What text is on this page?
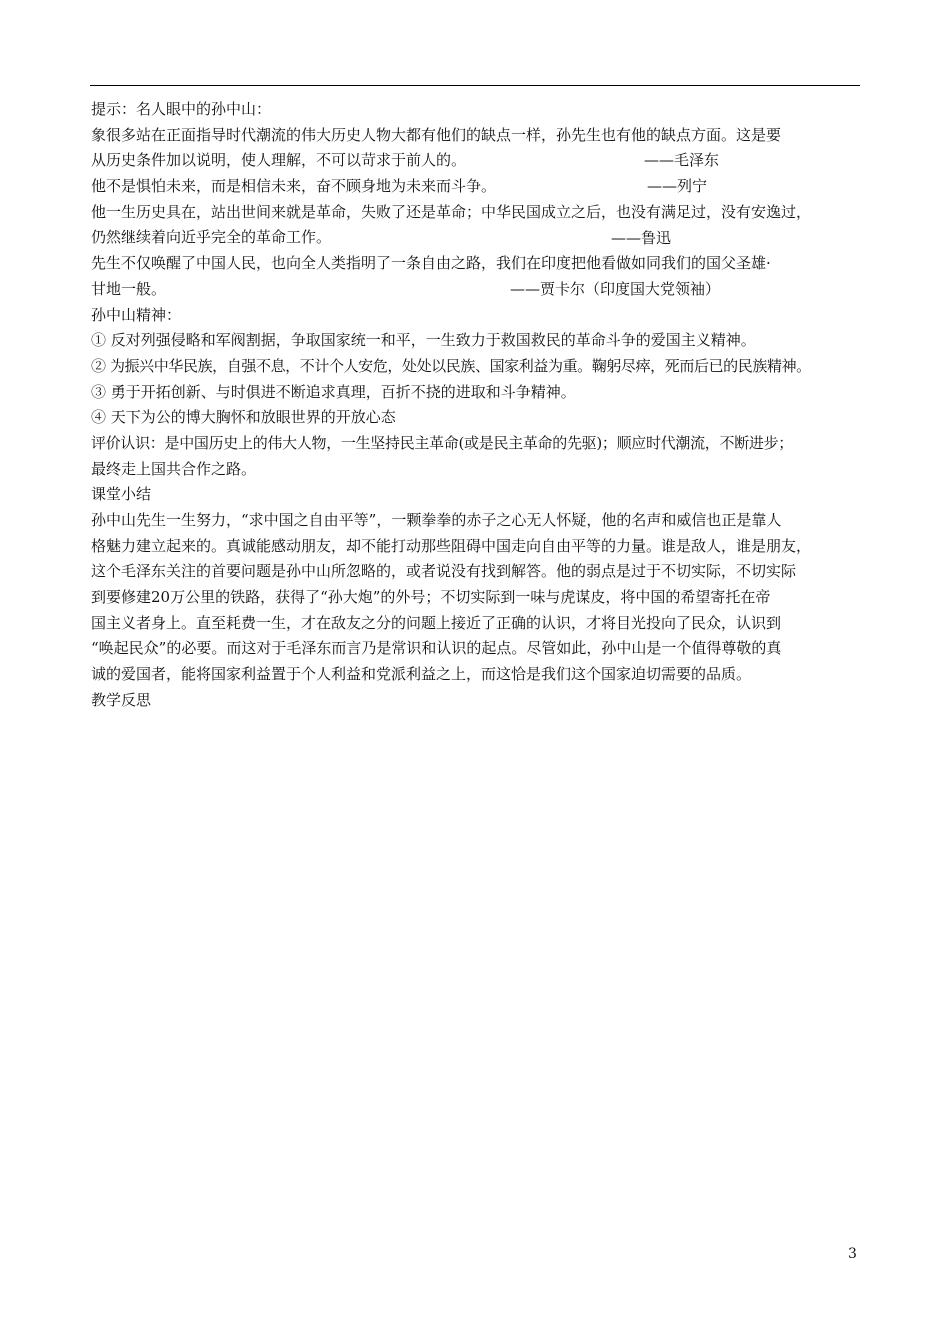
提示：名人眼中的孙中山：
象很多站在正面指导时代潮流的伟大历史人物大都有他们的缺点一样，孙先生也有他的缺点方面。这是要
从历史条件加以说明，使人理解，不可以苛求于前人的。
他不是惧怕未来，而是相信未来，奋不顾身地为未来而斗争。
他一生历史具在，站出世间来就是革命，失败了还是革命；中华民国成立之后，也没有满足过，没有安逸过，
仍然继续着向近乎完全的革命工作。
先生不仅唤醒了中国人民，也向全人类指明了一条自由之路，我们在印度把他看做如同我们的国父圣雄·
甘地一般。
孙中山精神：
① 反对列强侵略和军阀割据，争取国家统一和平，一生致力于救国救民的革命斗争的爱国主义精神。
② 为振兴中华民族，自强不息，不计个人安危，处处以民族、国家利益为重。鞠躬尽瘁，死而后已的民族精神。
③ 勇于开拓创新、与时俱进不断追求真理，百折不挠的进取和斗争精神。
④ 天下为公的博大胸怀和放眼世界的开放心态
评价认识：是中国历史上的伟大人物，一生坚持民主革命(或是民主革命的先驱)；顺应时代潮流，不断进步；
最终走上国共合作之路。
课堂小结
孙中山先生一生努力，“求中国之自由平等”，一颗拳拳的赤子之心无人怀疑，他的名声和威信也正是靠人
格魅力建立起来的。真诚能感动朋友，却不能打动那些阻碍中国走向自由平等的力量。谁是敌人，谁是朋友，
这个毛泽东关注的首要问题是孙中山所忽略的，或者说没有找到解答。他的弱点是过于不切实际，不切实际
到要修建20万公里的铁路，获得了“孙大炮”的外号；不切实际到一味与虎谋皮，将中国的希望寄托在帝
国主义者身上。直至耗费一生，才在敌友之分的问题上接近了正确的认识，才将目光投向了民众，认识到
“唤起民众”的必要。而这对于毛泽东而言乃是常识和认识的起点。尽管如此，孙中山是一个值得尊敬的真
诚的爱国者，能将国家利益置于个人利益和党派利益之上，而这恰是我们这个国家迫切需要的品质。
教学反思
——毛泽东
——列宁
——鲁迅
——贾卡尔（印度国大党领袖）
3
